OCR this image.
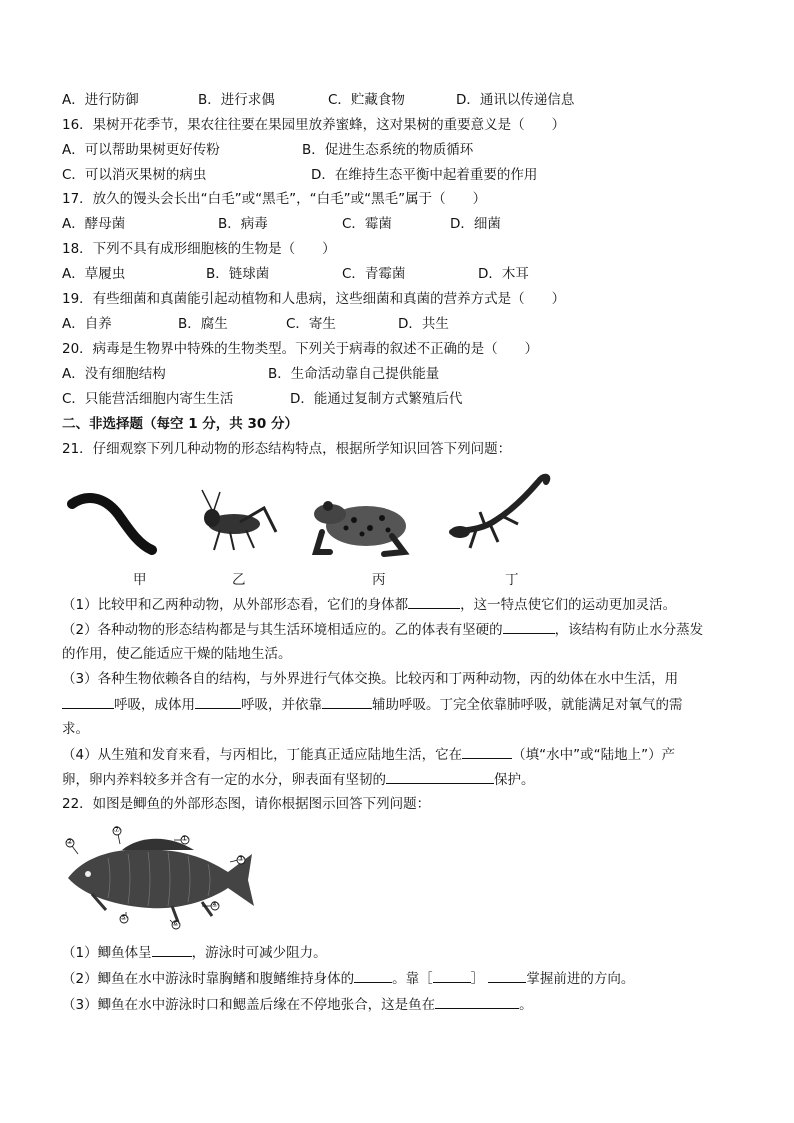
A．进行防御	B．进行求偶	C．贮藏食物	D．通讯以传递信息
16．果树开花季节，果农往往要在果园里放养蜜蜂，这对果树的重要意义是（　　）
A．可以帮助果树更好传粉	B．促进生态系统的物质循环
C．可以消灭果树的病虫	D．在维持生态平衡中起着重要的作用
17．放久的馒头会长出“白毛”或“黑毛”，“白毛”或“黑毛”属于（　　）
A．酵母菌	B．病毒	C．霉菌	D．细菌
18．下列不具有成形细胞核的生物是（　　）
A．草履虫	B．链球菌	C．青霉菌	D．木耳
19．有些细菌和真菌能引起动植物和人患病，这些细菌和真菌的营养方式是（　　）
A．自养	B．腐生	C．寄生	D．共生
20．病毒是生物界中特殊的生物类型。下列关于病毒的叙述不正确的是（　　）
A．没有细胞结构	B．生命活动靠自己提供能量
C．只能营活细胞内寄生生活	D．能通过复制方式繁殖后代
二、非选择题（每空 1 分，共 30 分）
21．仔细观察下列几种动物的形态结构特点，根据所学知识回答下列问题：
甲	乙	丙	丁
（1）比较甲和乙两种动物，从外部形态看，它们的身体都	，这一特点使它们的运动更加灵活。
（2）各种动物的形态结构都是与其生活环境相适应的。乙的体表有坚硬的	，该结构有防止水分蒸发
的作用，使乙能适应干燥的陆地生活。
（3）各种生物依赖各自的结构，与外界进行气体交换。比较丙和丁两种动物，丙的幼体在水中生活，用
呼吸，成体用	呼吸，并依靠	辅助呼吸。丁完全依靠肺呼吸，就能满足对氧气的需
求。
（4）从生殖和发育来看，与丙相比，丁能真正适应陆地生活，它在	（填“水中”或“陆地上”）产
卵，卵内养料较多并含有一定的水分，卵表面有坚韧的	保护。
22．如图是鲫鱼的外部形态图，请你根据图示回答下列问题：
（1）鲫鱼体呈	，游泳时可减少阻力。
（2）鲫鱼在水中游泳时靠胸鳍和腹鳍维持身体的	。靠［	］	掌握前进的方向。
（3）鲫鱼在水中游泳时口和鳃盖后缘在不停地张合，这是鱼在	。
②
⑦
①
③
④
⑤
⑥
